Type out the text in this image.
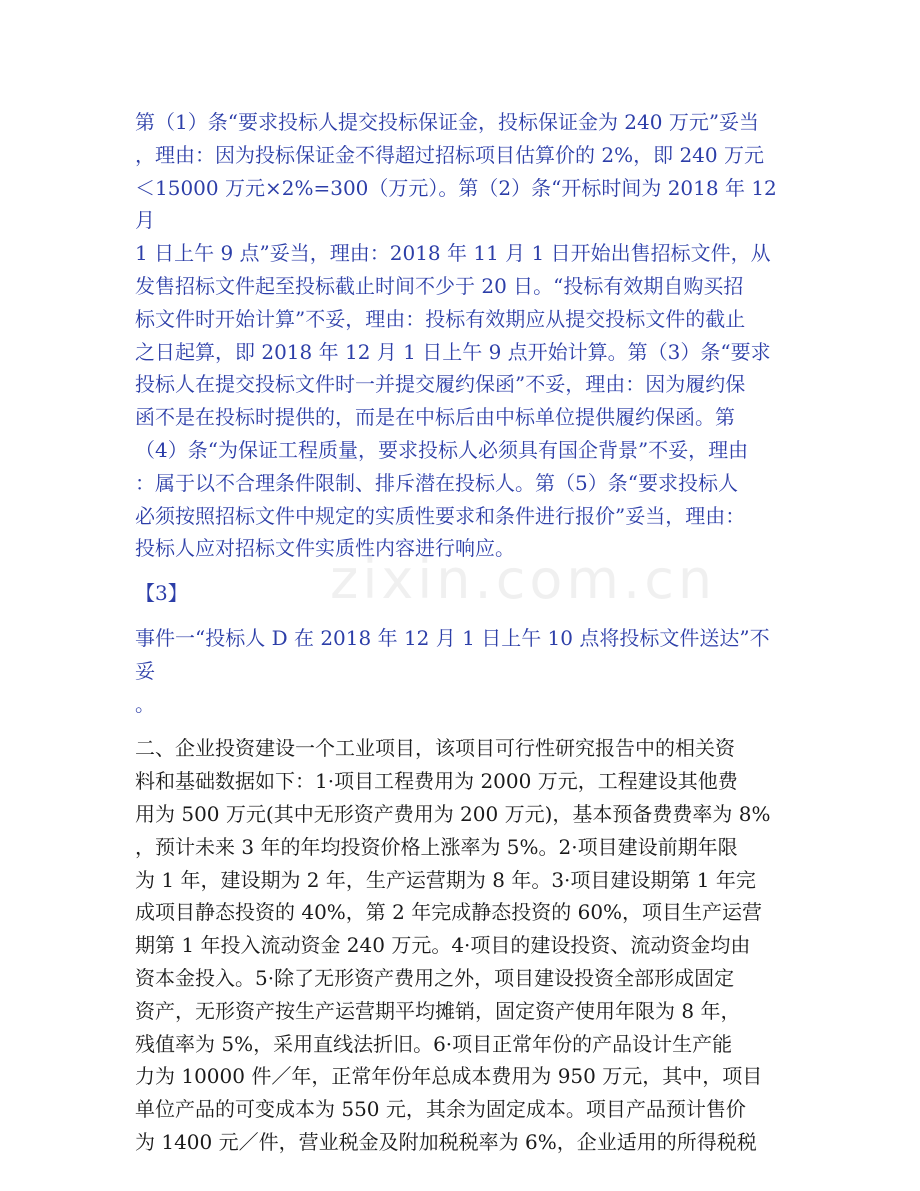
zixin.com.cn

第（1）条“要求投标人提交投标保证金，投标保证金为 240 万元”妥当
，理由：因为投标保证金不得超过招标项目估算价的 2%，即 240 万元
＜15000 万元×2%=300（万元）。第（2）条“开标时间为 2018 年 12 月
1 日上午 9 点”妥当，理由：2018 年 11 月 1 日开始出售招标文件，从
发售招标文件起至投标截止时间不少于 20 日。“投标有效期自购买招
标文件时开始计算”不妥，理由：投标有效期应从提交投标文件的截止
之日起算，即 2018 年 12 月 1 日上午 9 点开始计算。第（3）条“要求
投标人在提交投标文件时一并提交履约保函”不妥，理由：因为履约保
函不是在投标时提供的，而是在中标后由中标单位提供履约保函。第
（4）条“为保证工程质量，要求投标人必须具有国企背景”不妥，理由
：属于以不合理条件限制、排斥潜在投标人。第（5）条“要求投标人
必须按照招标文件中规定的实质性要求和条件进行报价”妥当，理由：
投标人应对招标文件实质性内容进行响应。

【3】

事件一“投标人 D 在 2018 年 12 月 1 日上午 10 点将投标文件送达”不妥
。

二、企业投资建设一个工业项目，该项目可行性研究报告中的相关资
料和基础数据如下：1·项目工程费用为 2000 万元，工程建设其他费
用为 500 万元(其中无形资产费用为 200 万元)，基本预备费费率为 8%
，预计未来 3 年的年均投资价格上涨率为 5%。2·项目建设前期年限
为 1 年，建设期为 2 年，生产运营期为 8 年。3·项目建设期第 1 年完
成项目静态投资的 40%，第 2 年完成静态投资的 60%，项目生产运营
期第 1 年投入流动资金 240 万元。4·项目的建设投资、流动资金均由
资本金投入。5·除了无形资产费用之外，项目建设投资全部形成固定
资产，无形资产按生产运营期平均摊销，固定资产使用年限为 8 年，
残值率为 5%，采用直线法折旧。6·项目正常年份的产品设计生产能
力为 10000 件／年，正常年份年总成本费用为 950 万元，其中，项目
单位产品的可变成本为 550 元，其余为固定成本。项目产品预计售价
为 1400 元／件，营业税金及附加税税率为 6%，企业适用的所得税税
